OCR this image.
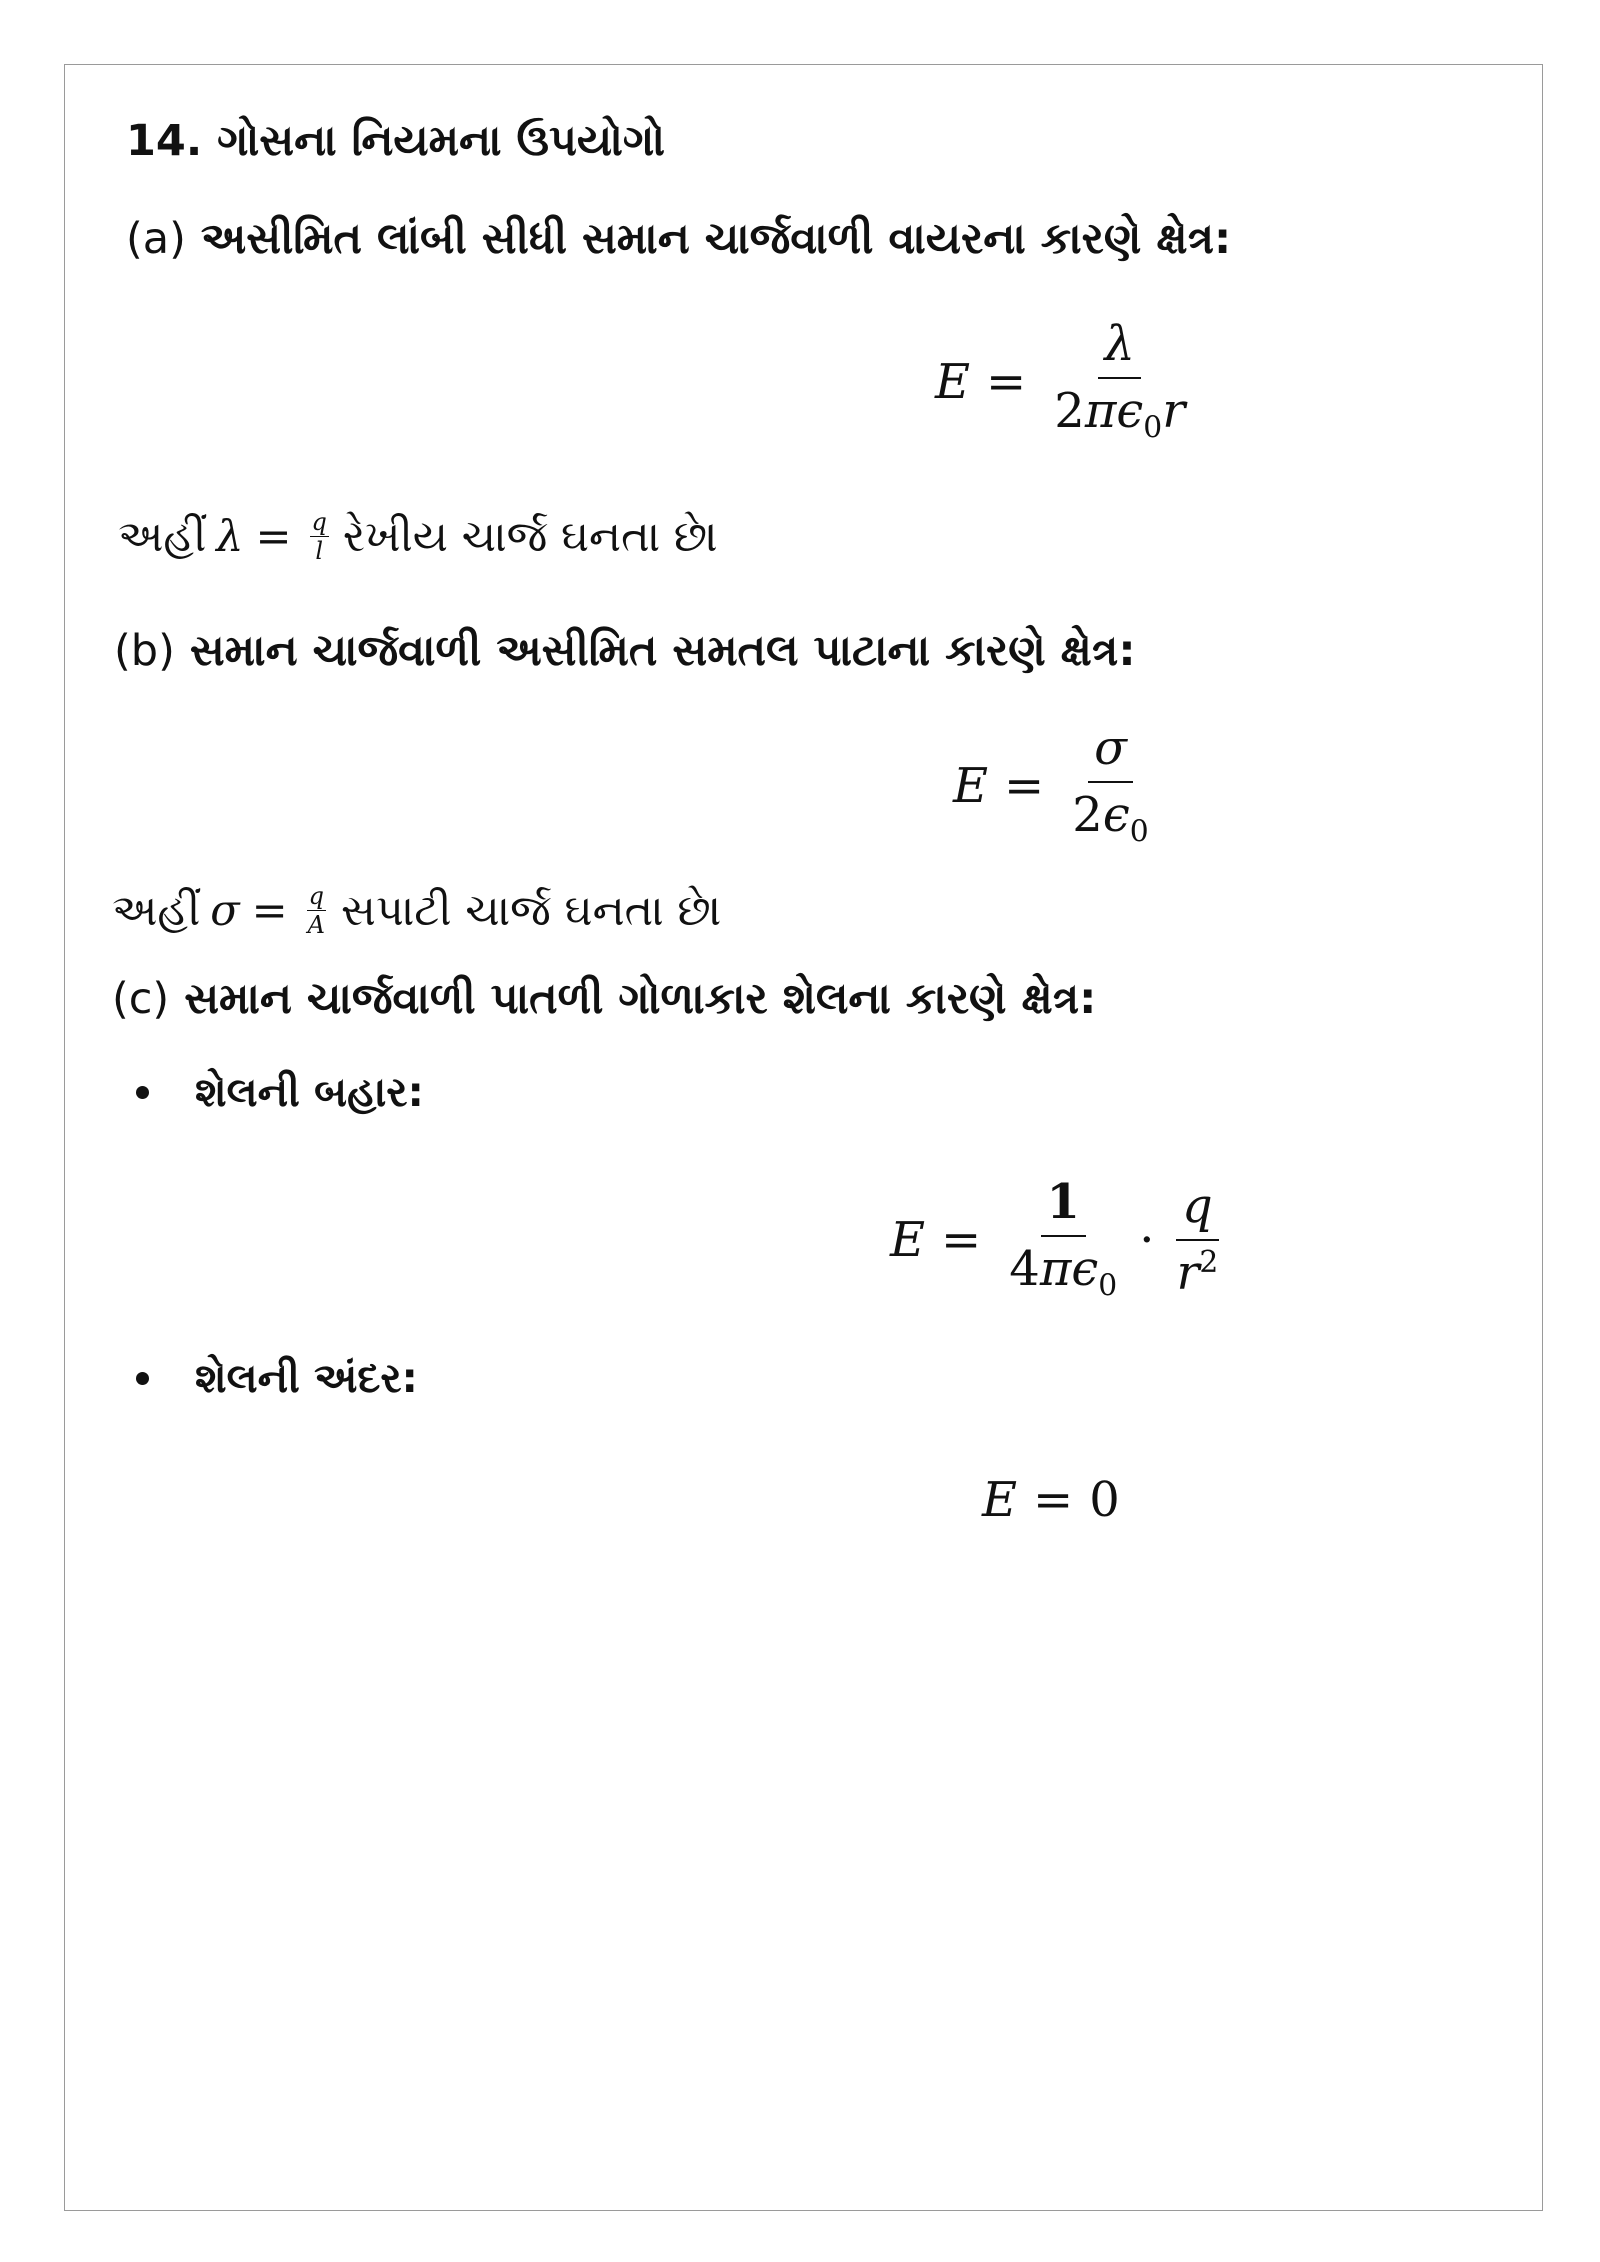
14. ગોસના નિયમના ઉપયોગો
(a) અસીમિત લાંબી સીધી સમાન ચાર્જવાળી વાયરના કારણે ક્ષેત્ર:
$E = \frac{\lambda}{2\pi\epsilon_0r}$
અહીં $\lambda = \frac{q}{l}$ રેખીય ચાર્જ ઘનતા છે।
(b) સમાન ચાર્જવાળી અસીમિત સમતલ પાટાના કારણે ક્ષેત્ર:
$E = \frac{\sigma}{2\epsilon_0}$
અહીં $\sigma = \frac{q}{A}$ સપાટી ચાર્જ ઘનતા છે।
(c) સમાન ચાર્જવાળી પાતળી ગોળાકાર શેલના કારણે ક્ષેત્ર:
શેલની બહાર:
$E = \frac{1}{4\pi\epsilon_0} \cdot \frac{q}{r^2}$
શેલની અંદર:
E = 0
